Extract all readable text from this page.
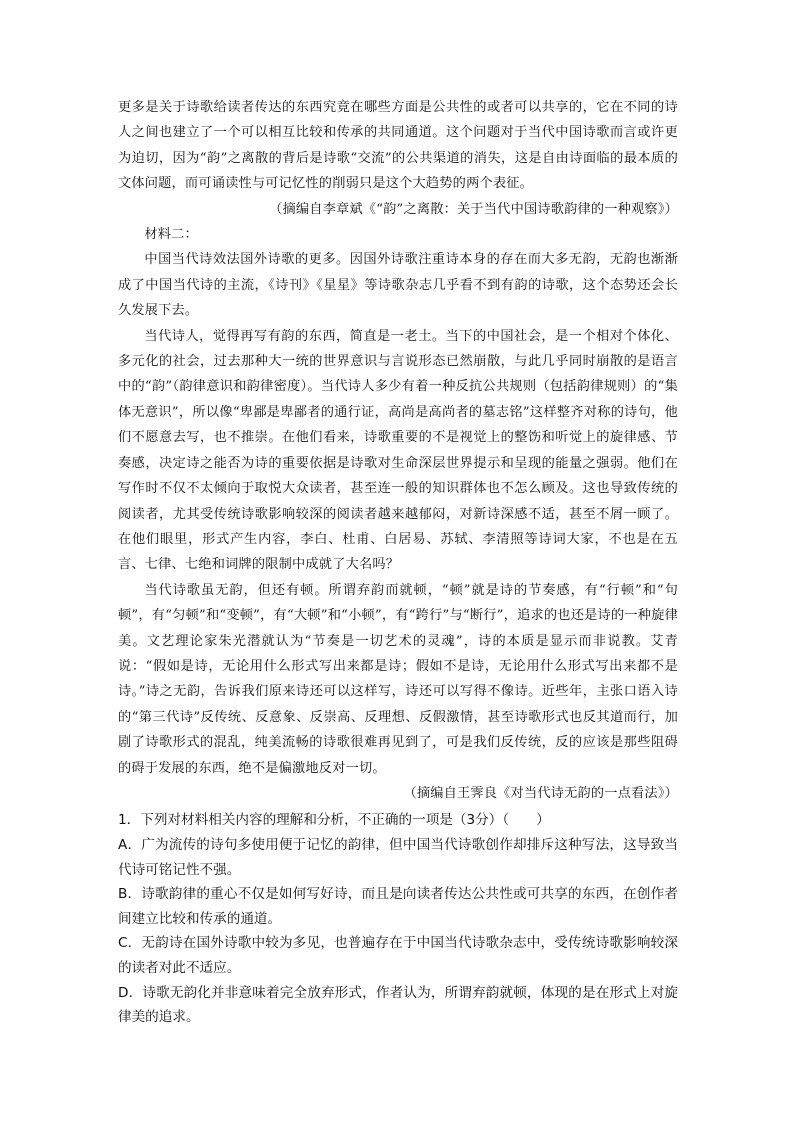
更多是关于诗歌给读者传达的东西究竟在哪些方面是公共性的或者可以共享的，它在不同的诗人之间也建立了一个可以相互比较和传承的共同通道。这个问题对于当代中国诗歌而言或许更为迫切，因为“韵”之离散的背后是诗歌“交流”的公共渠道的消失，这是自由诗面临的最本质的文体问题，而可诵读性与可记忆性的削弱只是这个大趋势的两个表征。

（摘编自李章斌《“韵”之离散：关于当代中国诗歌韵律的一种观察》）

材料二：

中国当代诗效法国外诗歌的更多。因国外诗歌注重诗本身的存在而大多无韵，无韵也渐渐成了中国当代诗的主流，《诗刊》《星星》等诗歌杂志几乎看不到有韵的诗歌，这个态势还会长久发展下去。

当代诗人，觉得再写有韵的东西，简直是一老土。当下的中国社会，是一个相对个体化、多元化的社会，过去那种大一统的世界意识与言说形态已然崩散，与此几乎同时崩散的是语言中的“韵”（韵律意识和韵律密度）。当代诗人多少有着一种反抗公共规则（包括韵律规则）的“集体无意识”，所以像“卑鄙是卑鄙者的通行证，高尚是高尚者的墓志铭”这样整齐对称的诗句，他们不愿意去写，也不推崇。在他们看来，诗歌重要的不是视觉上的整饬和听觉上的旋律感、节奏感，决定诗之能否为诗的重要依据是诗歌对生命深层世界提示和呈现的能量之强弱。他们在写作时不仅不太倾向于取悦大众读者，甚至连一般的知识群体也不怎么顾及。这也导致传统的阅读者，尤其受传统诗歌影响较深的阅读者越来越郁闷，对新诗深感不适，甚至不屑一顾了。在他们眼里，形式产生内容，李白、杜甫、白居易、苏轼、李清照等诗词大家，不也是在五言、七律、七绝和词牌的限制中成就了大名吗？

当代诗歌虽无韵，但还有顿。所谓弃韵而就顿，“顿”就是诗的节奏感，有“行顿”和“句顿”，有“匀顿”和“变顿”，有“大顿”和“小顿”，有“跨行”与“断行”，追求的也还是诗的一种旋律美。文艺理论家朱光潜就认为“节奏是一切艺术的灵魂”，诗的本质是显示而非说教。艾青说：“假如是诗，无论用什么形式写出来都是诗；假如不是诗，无论用什么形式写出来都不是诗。”诗之无韵，告诉我们原来诗还可以这样写，诗还可以写得不像诗。近些年，主张口语入诗的“第三代诗”反传统、反意象、反崇高、反理想、反假激情，甚至诗歌形式也反其道而行，加剧了诗歌形式的混乱，纯美流畅的诗歌很难再见到了，可是我们反传统，反的应该是那些阻碍的碍于发展的东西，绝不是偏激地反对一切。

（摘编自王霁良《对当代诗无韵的一点看法》）

1．下列对材料相关内容的理解和分析，不正确的一项是（3分）（　　）

A．广为流传的诗句多使用便于记忆的韵律，但中国当代诗歌创作却排斥这种写法，这导致当代诗可铭记性不强。

B．诗歌韵律的重心不仅是如何写好诗，而且是向读者传达公共性或可共享的东西，在创作者间建立比较和传承的通道。

C．无韵诗在国外诗歌中较为多见，也普遍存在于中国当代诗歌杂志中，受传统诗歌影响较深的读者对此不适应。

D．诗歌无韵化并非意味着完全放弃形式，作者认为，所谓弃韵就顿，体现的是在形式上对旋律美的追求。
